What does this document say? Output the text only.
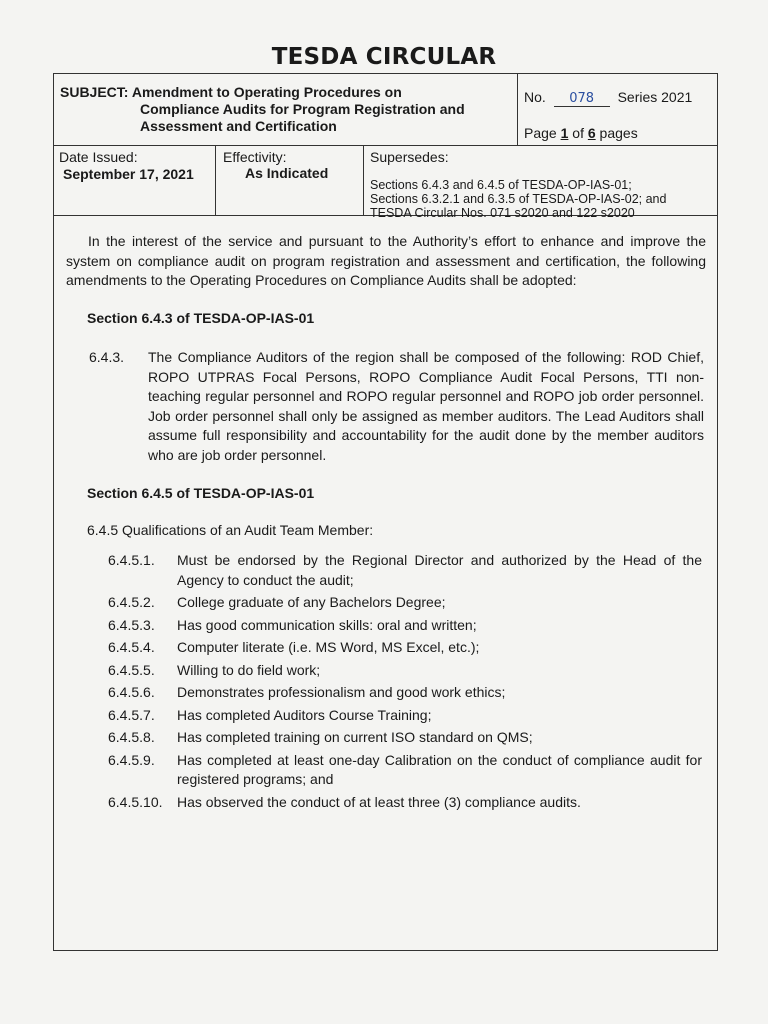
TESDA CIRCULAR
SUBJECT: Amendment to Operating Procedures on
Compliance Audits for Program Registration and
Assessment and Certification
No. 078 Series 2021
Page 1 of 6 pages
Date Issued:
September 17, 2021
Effectivity:
As Indicated
Supersedes:
Sections 6.4.3 and 6.4.5 of TESDA-OP-IAS-01;
Sections 6.3.2.1 and 6.3.5 of TESDA-OP-IAS-02; and
TESDA Circular Nos. 071 s2020 and 122 s2020
In the interest of the service and pursuant to the Authority’s effort to enhance and improve the system on compliance audit on program registration and assessment and certification, the following amendments to the Operating Procedures on Compliance Audits shall be adopted:
Section 6.4.3 of TESDA-OP-IAS-01
6.4.3. The Compliance Auditors of the region shall be composed of the following: ROD Chief, ROPO UTPRAS Focal Persons, ROPO Compliance Audit Focal Persons, TTI non-teaching regular personnel and ROPO regular personnel and ROPO job order personnel. Job order personnel shall only be assigned as member auditors. The Lead Auditors shall assume full responsibility and accountability for the audit done by the member auditors who are job order personnel.
Section 6.4.5 of TESDA-OP-IAS-01
6.4.5 Qualifications of an Audit Team Member:
6.4.5.1. Must be endorsed by the Regional Director and authorized by the Head of the Agency to conduct the audit;
6.4.5.2. College graduate of any Bachelors Degree;
6.4.5.3. Has good communication skills: oral and written;
6.4.5.4. Computer literate (i.e. MS Word, MS Excel, etc.);
6.4.5.5. Willing to do field work;
6.4.5.6. Demonstrates professionalism and good work ethics;
6.4.5.7. Has completed Auditors Course Training;
6.4.5.8. Has completed training on current ISO standard on QMS;
6.4.5.9. Has completed at least one-day Calibration on the conduct of compliance audit for registered programs; and
6.4.5.10. Has observed the conduct of at least three (3) compliance audits.
